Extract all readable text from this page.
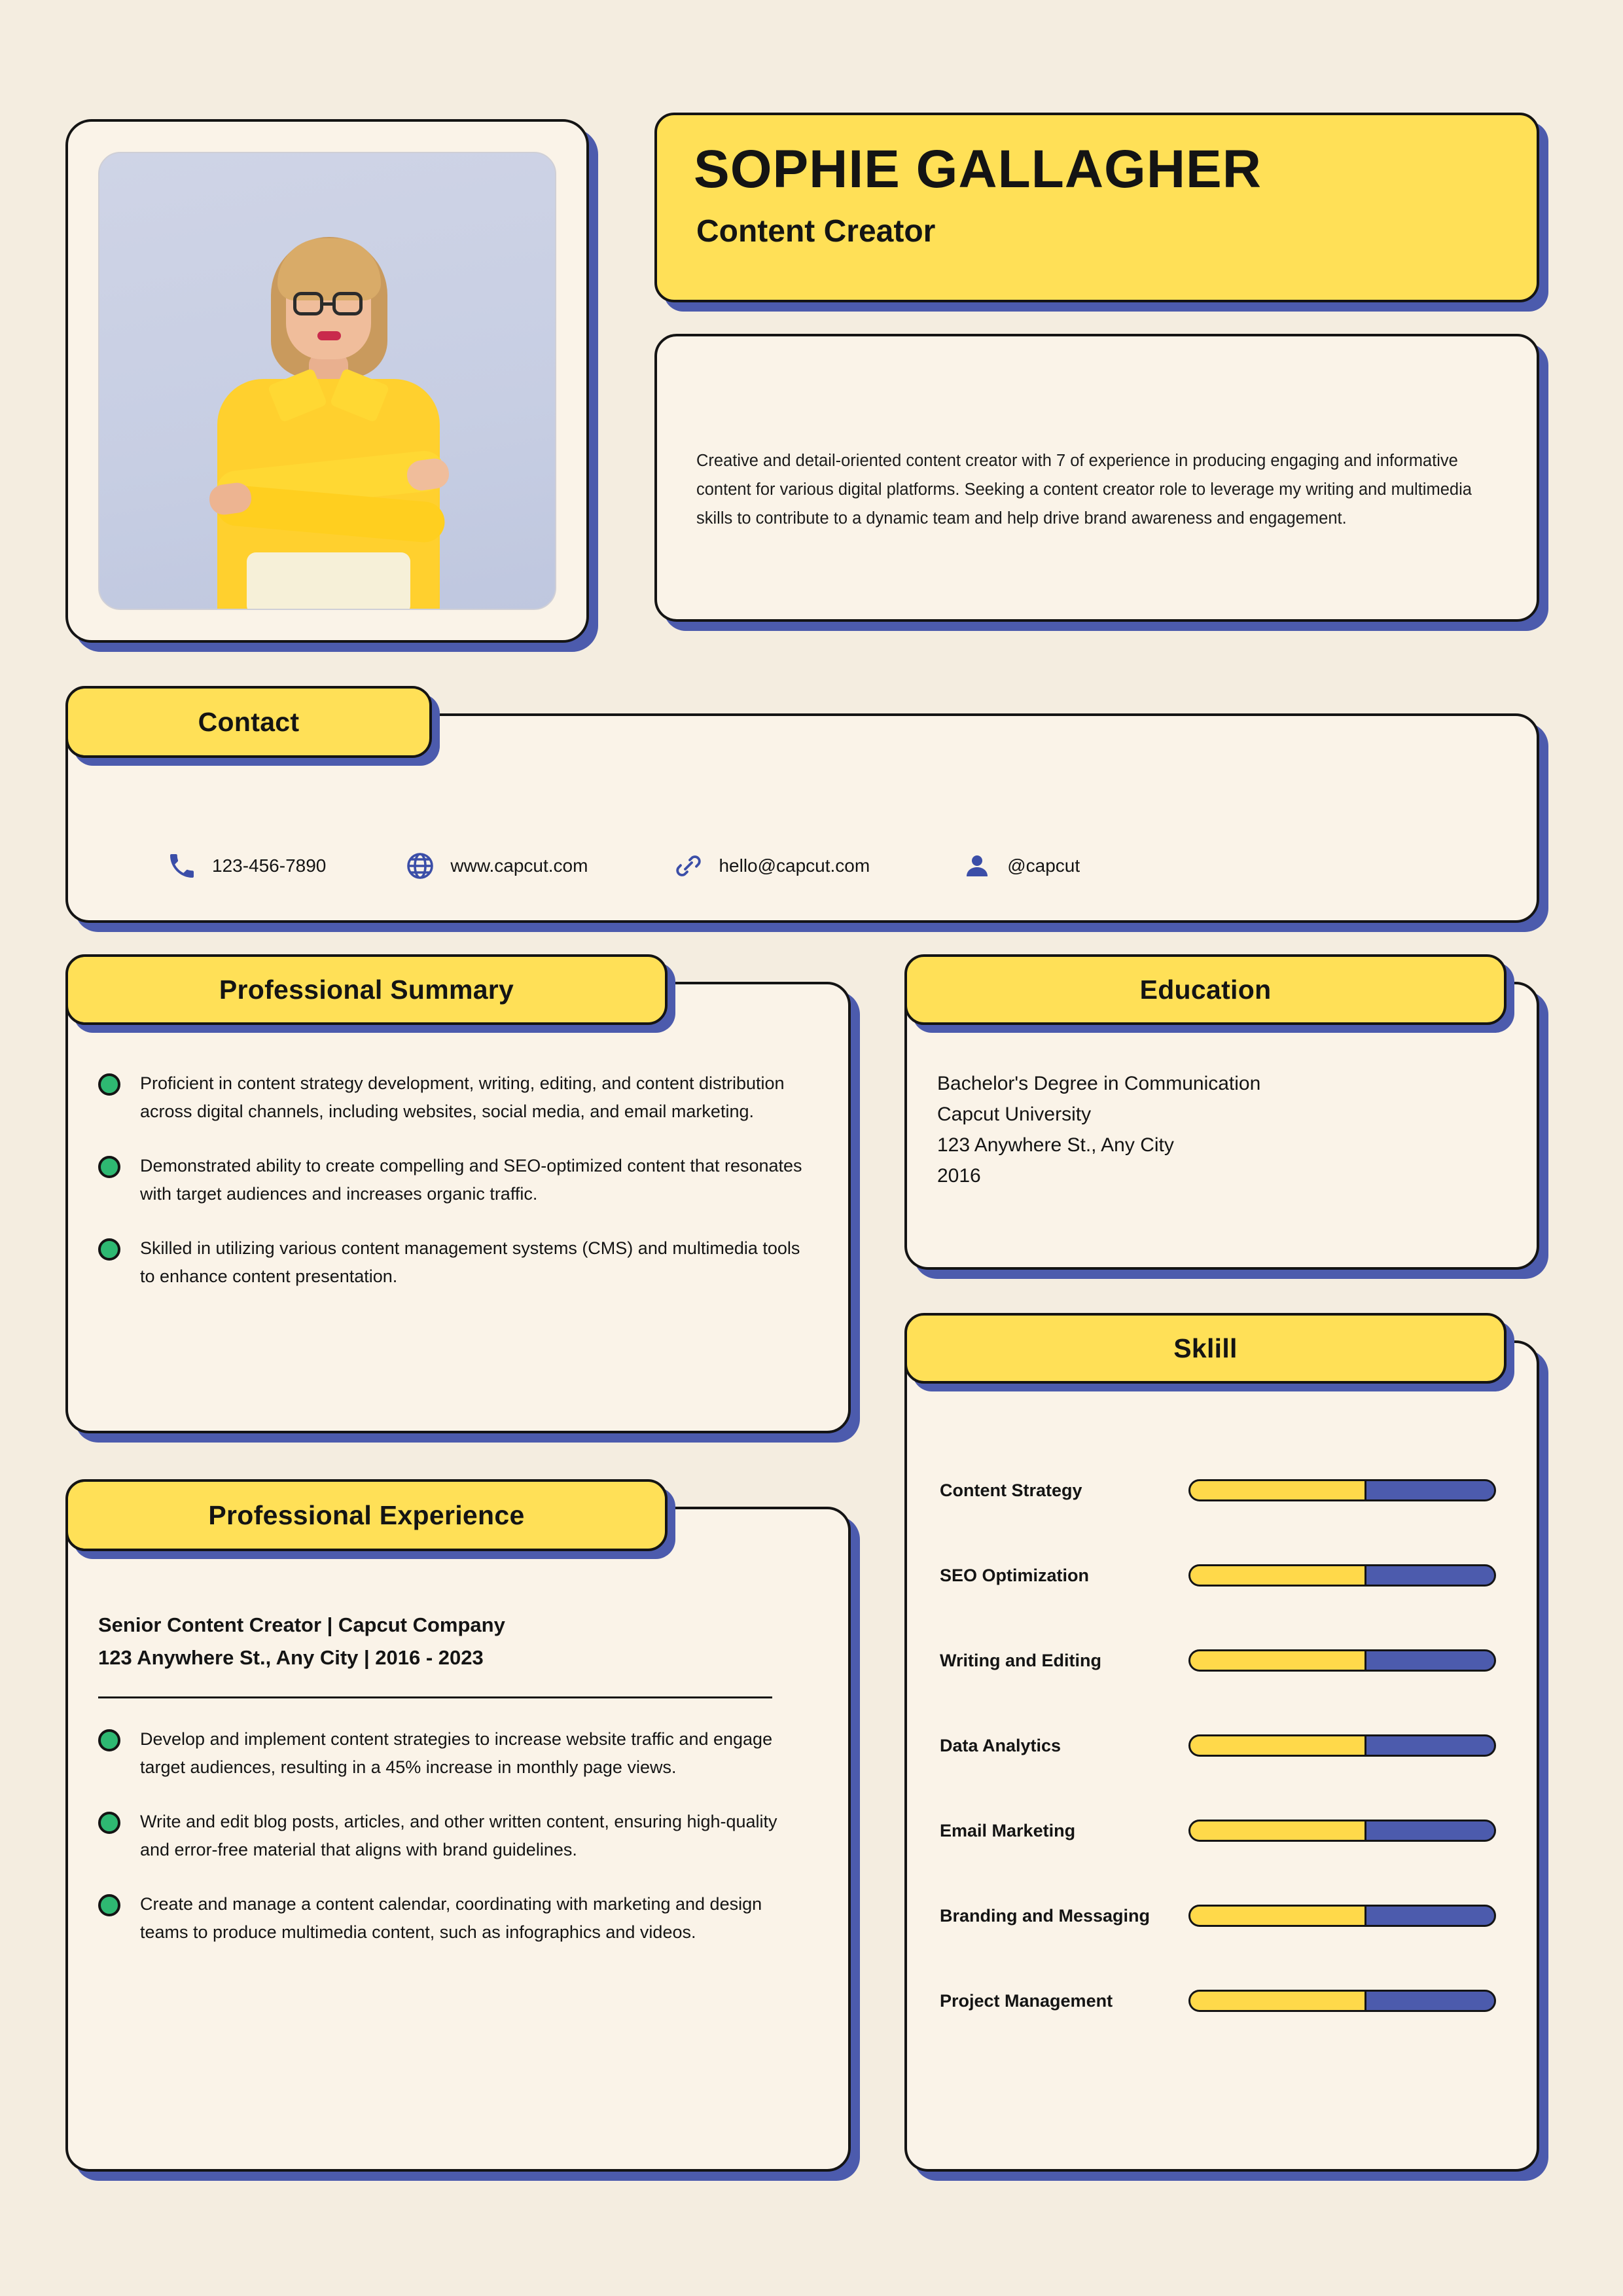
SOPHIE GALLAGHER
Content Creator
Creative and detail-oriented content creator with 7 of experience in producing engaging and informative content for various digital platforms. Seeking a content creator role to leverage my writing and multimedia skills to contribute to a dynamic team and help drive brand awareness and engagement.
123-456-7890	www.capcut.com	hello@capcut.com	@capcut
Contact
Proficient in content strategy development, writing, editing, and content distribution across digital channels, including websites, social media, and email marketing.
Demonstrated ability to create compelling and SEO-optimized content that resonates with target audiences and increases organic traffic.
Skilled in utilizing various content management systems (CMS) and multimedia tools to enhance content presentation.
Professional Summary
Senior Content Creator | Capcut Company
123 Anywhere St., Any City | 2016 - 2023
Develop and implement content strategies to increase website traffic and engage target audiences, resulting in a 45% increase in monthly page views.
Write and edit blog posts, articles, and other written content, ensuring high-quality and error-free material that aligns with brand guidelines.
Create and manage a content calendar, coordinating with marketing and design teams to produce multimedia content, such as infographics and videos.
Professional Experience
Bachelor's Degree in Communication
Capcut University
123 Anywhere St., Any City
2016
Education
Content Strategy
SEO Optimization
Writing and Editing
Data Analytics
Email Marketing
Branding and Messaging
Project Management
Sklill
